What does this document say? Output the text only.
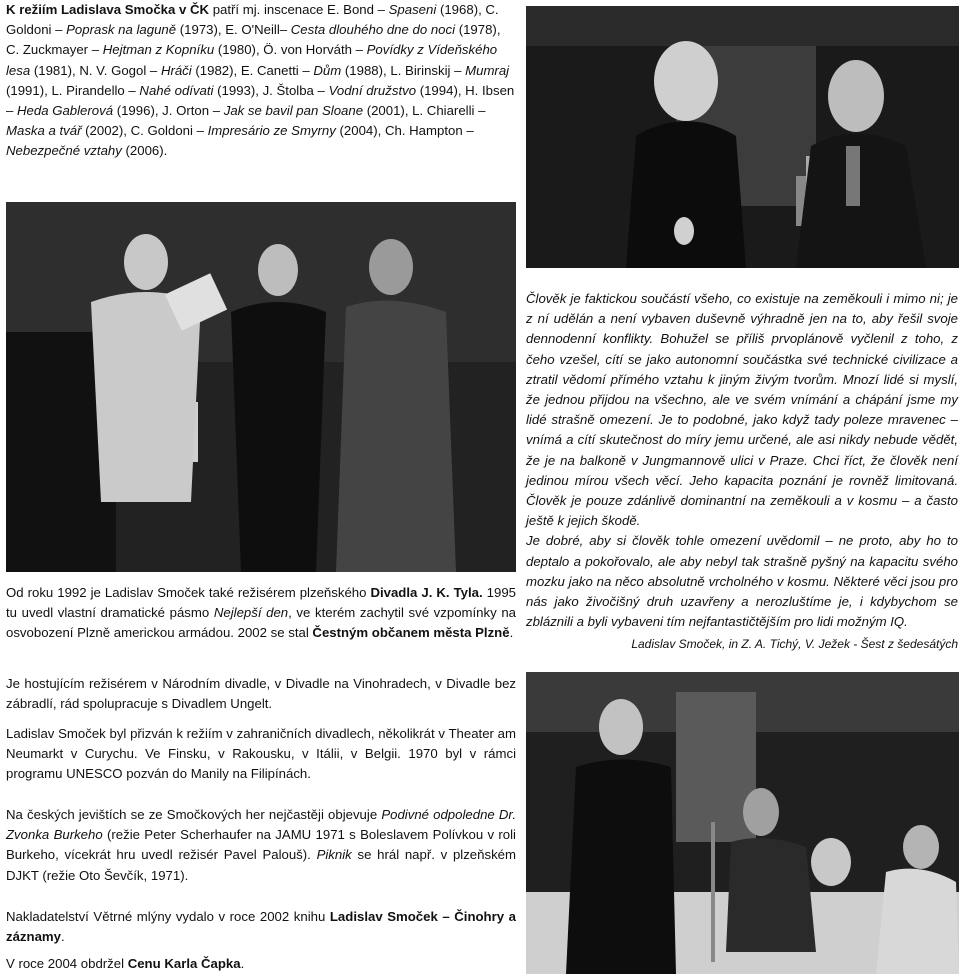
K režiím Ladislava Smočka v ČK patří mj. inscenace E. Bond – Spaseni (1968), C. Goldoni – Poprask na laguně (1973), E. O'Neill– Cesta dlouhého dne do noci (1978), C. Zuckmayer – Hejtman z Kopníku (1980), Ö. von Horváth – Povídky z Vídeňského lesa (1981), N. V. Gogol – Hráči (1982), E. Canetti – Dům (1988), L. Birinskij – Mumraj (1991), L. Pirandello – Nahé odívati (1993), J. Štolba – Vodní družstvo (1994), H. Ibsen – Heda Gablerová (1996), J. Orton – Jak se bavil pan Sloane (2001), L. Chiarelli – Maska a tvář (2002), C. Goldoni – Impresário ze Smyrny (2004), Ch. Hampton – Nebezpečné vztahy (2006).

Od roku 1992 je Ladislav Smoček také režisérem plzeňského Divadla J. K. Tyla. 1995 tu uvedl vlastní dramatické pásmo Nejlepší den, ve kterém zachytil své vzpomínky na osvobození Plzně americkou armádou. 2002 se stal Čestným občanem města Plzně.

Je hostujícím režisérem v Národním divadle, v Divadle na Vinohradech, v Divadle bez zábradlí, rád spolupracuje s Divadlem Ungelt.

Ladislav Smoček byl přizván k režiím v zahraničních divadlech, několikrát v Theater am Neumarkt v Curychu. Ve Finsku, v Rakousku, v Itálii, v Belgii. 1970 byl v rámci programu UNESCO pozván do Manily na Filipínách.

Na českých jevištích se ze Smočkových her nejčastěji objevuje Podivné odpoledne Dr. Zvonka Burkeho (režie Peter Scherhaufer na JAMU 1971 s Boleslavem Polívkou v roli Burkeho, vícekrát hru uvedl režisér Pavel Palouš). Piknik se hrál např. v plzeňském DJKT (režie Oto Ševčík, 1971).

Nakladatelství Větrné mlýny vydalo v roce 2002 knihu Ladislav Smoček – Činohry a záznamy.

V roce 2004 obdržel Cenu Karla Čapka.

Člověk je faktickou součástí všeho, co existuje na zeměkouli i mimo ni; je z ní udělán a není vybaven duševně výhradně jen na to, aby řešil svoje dennodenní konflikty. Bohužel se příliš prvoplánově vyčlenil z toho, z čeho vzešel, cítí se jako autonomní součástka své technické civilizace a ztratil vědomí přímého vztahu k jiným živým tvorům. Mnozí lidé si myslí, že jednou přijdou na všechno, ale ve svém vnímání a chápání jsme my lidé strašně omezení. Je to podobné, jako když tady poleze mravenec – vnímá a cítí skutečnost do míry jemu určené, ale asi nikdy nebude vědět, že je na balkoně v Jungmannově ulici v Praze. Chci říct, že člověk není jedinou mírou všech věcí. Jeho kapacita poznání je rovněž limitovaná. Člověk je pouze zdánlivě dominantní na zeměkouli a v kosmu – a často ještě k jejich škodě.

Je dobré, aby si člověk tohle omezení uvědomil – ne proto, aby ho to deptalo a pokořovalo, ale aby nebyl tak strašně pyšný na kapacitu svého mozku jako na něco absolutně vrcholného v kosmu. Některé věci jsou pro nás jako živočišný druh uzavřeny a nerozluštíme je, i kdybychom se zbláznili a byli vybaveni tím nejfantastičtějším pro lidi možným IQ.

Ladislav Smoček, in Z. A. Tichý, V. Ježek - Šest z šedesátých
